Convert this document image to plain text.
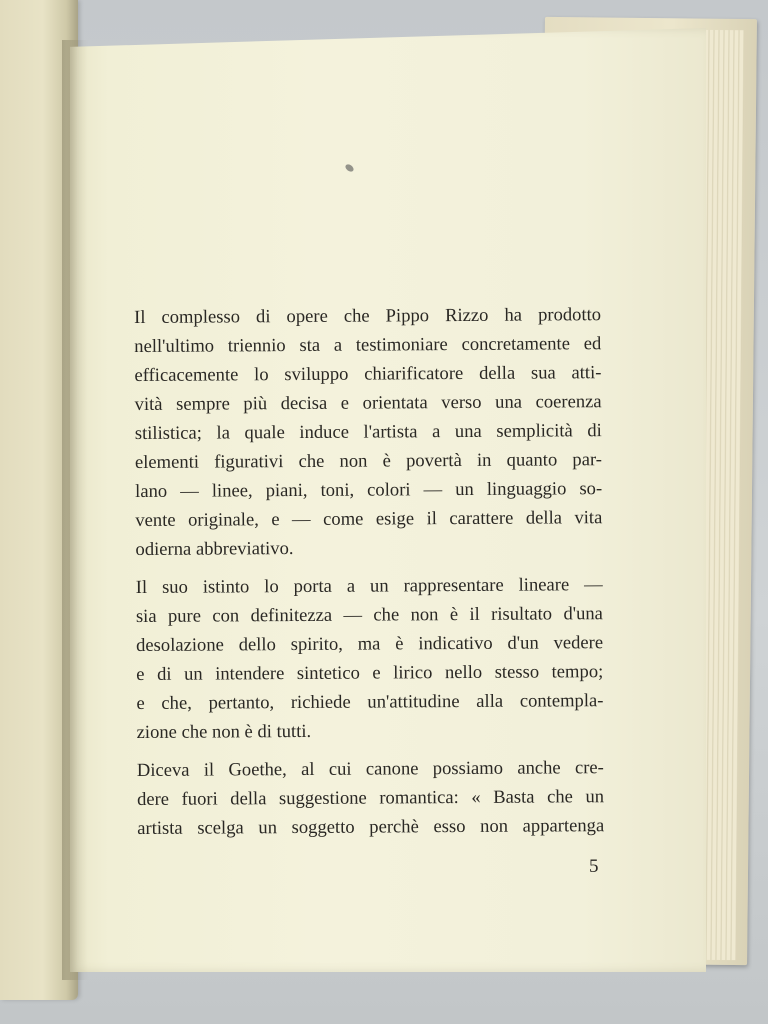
Il complesso di opere che Pippo Rizzo ha prodotto
nell'ultimo triennio sta a testimoniare concretamente ed
efficacemente lo sviluppo chiarificatore della sua atti-
vità sempre più decisa e orientata verso una coerenza
stilistica; la quale induce l'artista a una semplicità di
elementi figurativi che non è povertà in quanto par-
lano — linee, piani, toni, colori — un linguaggio so-
vente originale, e — come esige il carattere della vita
odierna abbreviativo.

Il suo istinto lo porta a un rappresentare lineare —
sia pure con definitezza — che non è il risultato d'una
desolazione dello spirito, ma è indicativo d'un vedere
e di un intendere sintetico e lirico nello stesso tempo;
e che, pertanto, richiede un'attitudine alla contempla-
zione che non è di tutti.

Diceva il Goethe, al cui canone possiamo anche cre-
dere fuori della suggestione romantica: « Basta che un
artista scelga un soggetto perchè esso non appartenga

5
